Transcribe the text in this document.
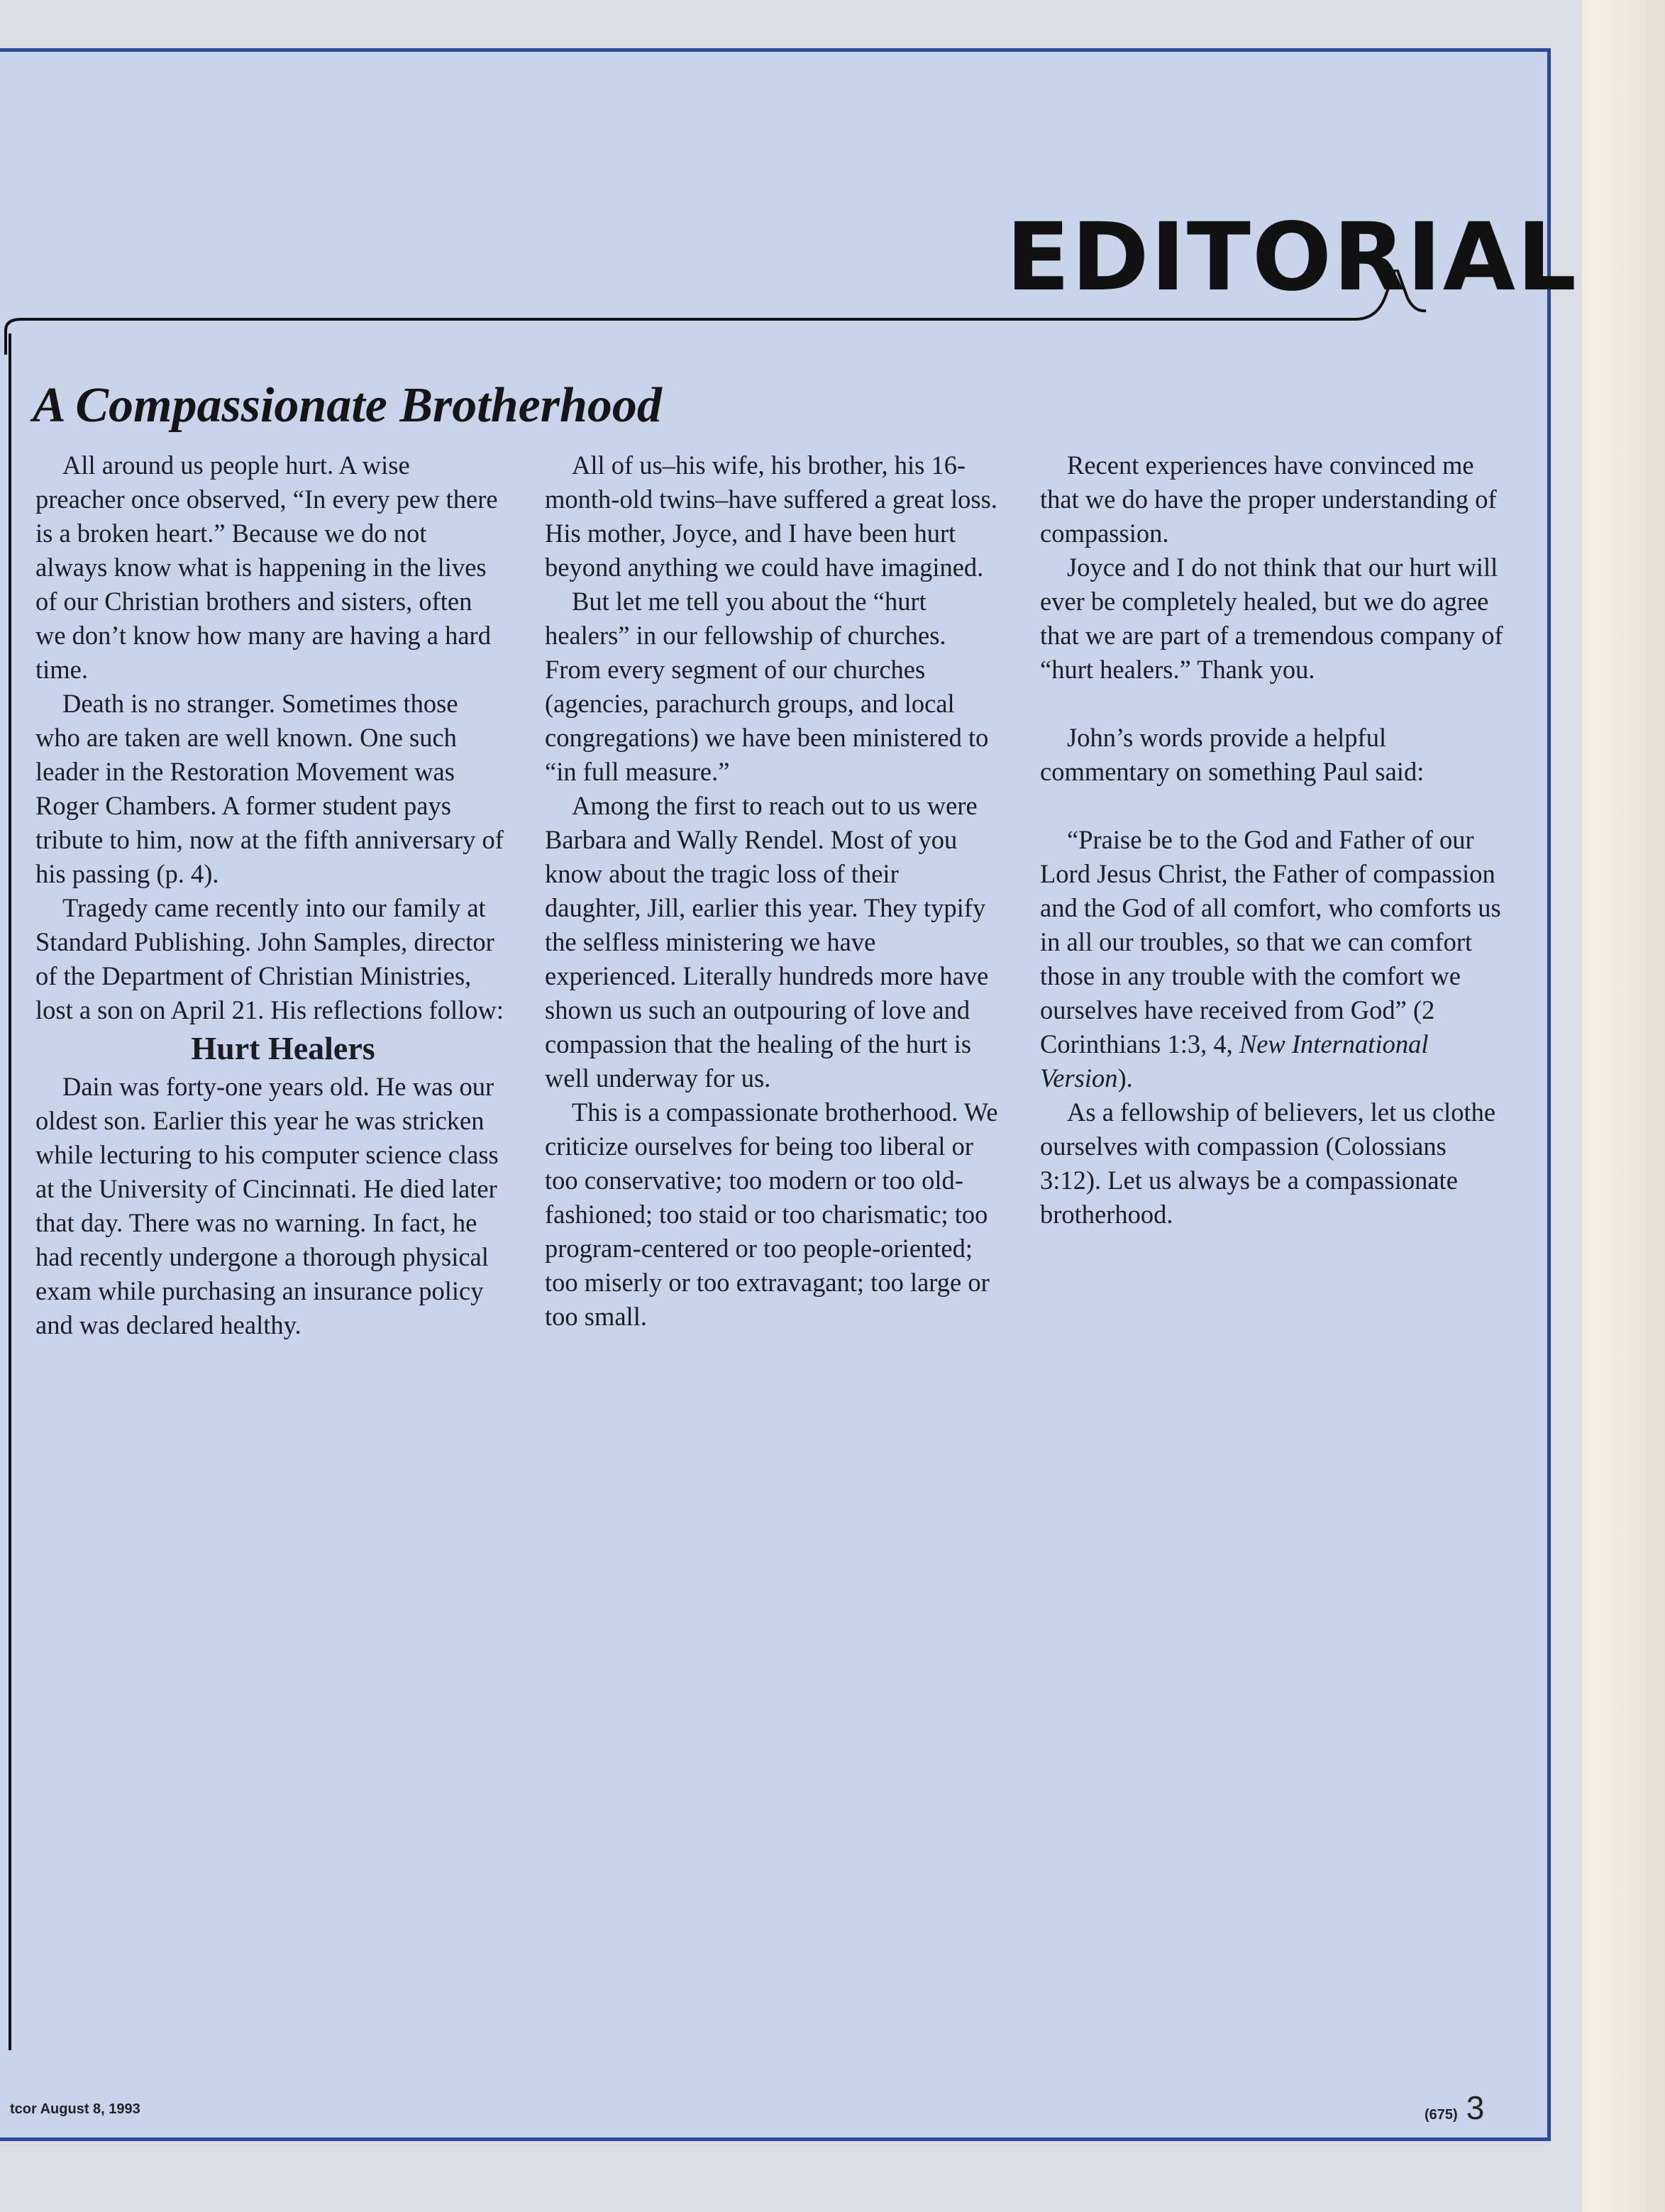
EDITORIAL
A Compassionate Brotherhood

All around us people hurt. A wise preacher once observed, “In every pew there is a broken heart.” Because we do not always know what is happening in the lives of our Christian brothers and sisters, often we don’t know how many are having a hard time.

Death is no stranger. Sometimes those who are taken are well known. One such leader in the Restoration Movement was Roger Chambers. A former student pays tribute to him, now at the fifth anniversary of his passing (p. 4).

Tragedy came recently into our family at Standard Publishing. John Samples, director of the Department of Christian Ministries, lost a son on April 21. His reflections follow:

Hurt Healers

Dain was forty-one years old. He was our oldest son. Earlier this year he was stricken while lecturing to his computer science class at the University of Cincinnati. He died later that day. There was no warning. In fact, he had recently undergone a thorough physical exam while purchasing an insurance policy and was declared healthy.

All of us–his wife, his brother, his 16-month-old twins–have suffered a great loss. His mother, Joyce, and I have been hurt beyond anything we could have imagined.

But let me tell you about the “hurt healers” in our fellowship of churches. From every segment of our churches (agencies, parachurch groups, and local congregations) we have been ministered to “in full measure.”

Among the first to reach out to us were Barbara and Wally Rendel. Most of you know about the tragic loss of their daughter, Jill, earlier this year. They typify the selfless ministering we have experienced. Literally hundreds more have shown us such an outpouring of love and compassion that the healing of the hurt is well underway for us.

This is a compassionate brotherhood. We criticize ourselves for being too liberal or too conservative; too modern or too old-fashioned; too staid or too charismatic; too program-centered or too people-oriented; too miserly or too extravagant; too large or too small.

Recent experiences have convinced me that we do have the proper understanding of compassion.

Joyce and I do not think that our hurt will ever be completely healed, but we do agree that we are part of a tremendous company of “hurt healers.” Thank you.

John’s words provide a helpful commentary on something Paul said:

“Praise be to the God and Father of our Lord Jesus Christ, the Father of compassion and the God of all comfort, who comforts us in all our troubles, so that we can comfort those in any trouble with the comfort we ourselves have received from God” (2 Corinthians 1:3, 4, New International Version).

As a fellowship of believers, let us clothe ourselves with compassion (Colossians 3:12). Let us always be a compassionate brotherhood.

tcor August 8, 1993	(675) 3
